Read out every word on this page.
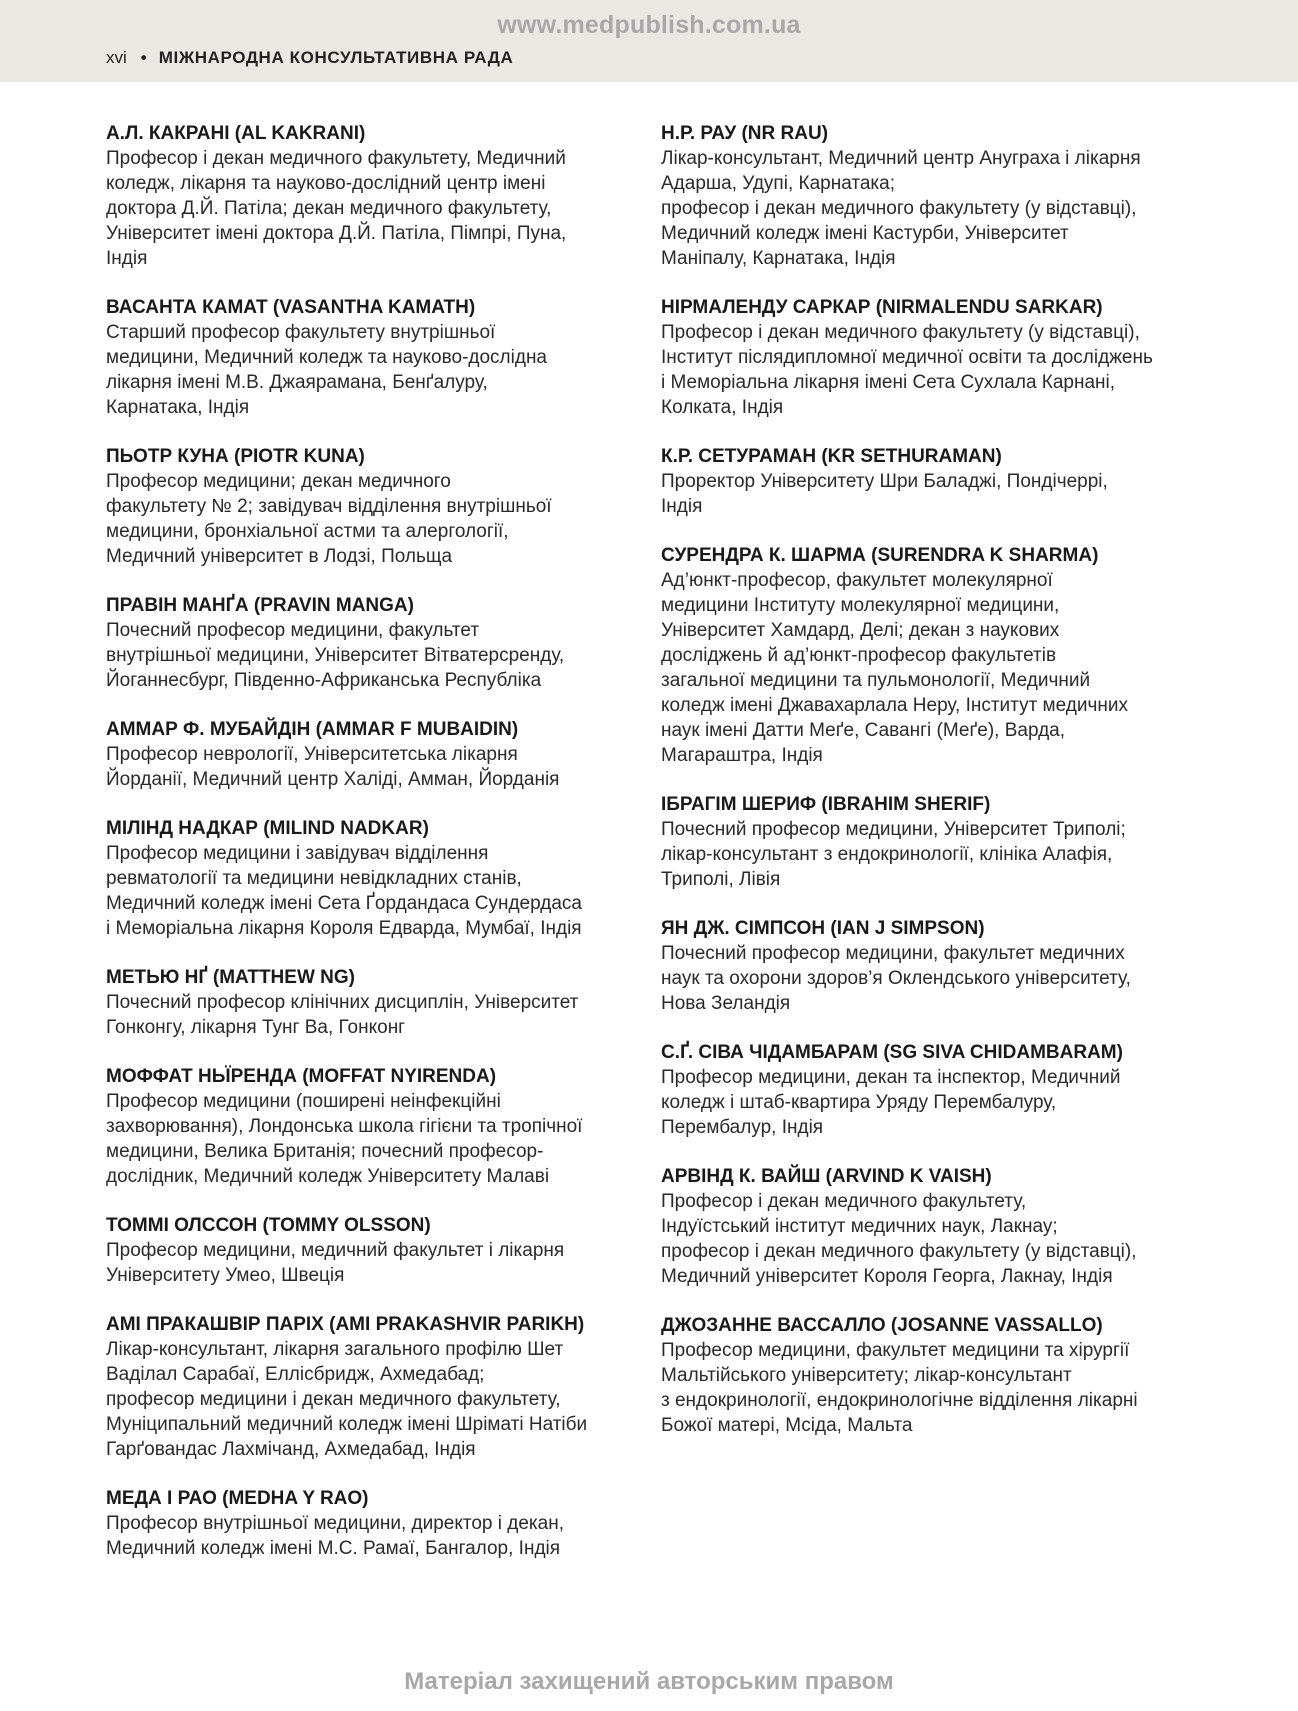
www.medpublish.com.ua
xvi • МІЖНАРОДНА КОНСУЛЬТАТИВНА РАДА
А.Л. КАКРАНІ (AL KAKRANI)
Професор і декан медичного факультету, Медичний
коледж, лікарня та науково-дослідний центр імені
доктора Д.Й. Патіла; декан медичного факультету,
Університет імені доктора Д.Й. Патіла, Пімпрі, Пуна,
Індія
ВАСАНТА КАМАТ (VASANTHA KAMATH)
Старший професор факультету внутрішньої
медицини, Медичний коледж та науково-дослідна
лікарня імені М.В. Джаярамана, Бенґалуру,
Карнатака, Індія
ПЬОТР КУНА (PIOTR KUNA)
Професор медицини; декан медичного
факультету № 2; завідувач відділення внутрішньої
медицини, бронхіальної астми та алергології,
Медичний університет в Лодзі, Польща
ПРАВІН МАНҐА (PRAVIN MANGA)
Почесний професор медицини, факультет
внутрішньої медицини, Університет Вітватерсренду,
Йоганнесбург, Південно-Африканська Республіка
АММАР Ф. МУБАЙДІН (AMMAR F MUBAIDIN)
Професор неврології, Університетська лікарня
Йорданії, Медичний центр Халіді, Амман, Йорданія
МІЛІНД НАДКАР (MILIND NADKAR)
Професор медицини і завідувач відділення
ревматології та медицини невідкладних станів,
Медичний коледж імені Сета Ґордандаса Сундердаса
і Меморіальна лікарня Короля Едварда, Мумбаї, Індія
МЕТЬЮ НҐ (MATTHEW NG)
Почесний професор клінічних дисциплін, Університет
Гонконгу, лікарня Тунг Ва, Гонконг
МОФФАТ НЬЇРЕНДА (MOFFAT NYIRENDA)
Професор медицини (поширені неінфекційні
захворювання), Лондонська школа гігієни та тропічної
медицини, Велика Британія; почесний професор-
дослідник, Медичний коледж Університету Малаві
ТОММІ ОЛССОН (TOMMY OLSSON)
Професор медицини, медичний факультет і лікарня
Університету Умео, Швеція
АМІ ПРАКАШВІР ПАРІХ (AMI PRAKASHVIR PARIKH)
Лікар-консультант, лікарня загального профілю Шет
Ваділал Сарабаї, Еллісбридж, Ахмедабад;
професор медицини і декан медичного факультету,
Муніципальний медичний коледж імені Шріматі Натіби
Гарґовандас Лахмічанд, Ахмедабад, Індія
МЕДА І РАО (MEDHA Y RAO)
Професор внутрішньої медицини, директор і декан,
Медичний коледж імені М.С. Рамаї, Бангалор, Індія
Н.Р. РАУ (NR RAU)
Лікар-консультант, Медичний центр Ануграха і лікарня
Адарша, Удупі, Карнатака;
професор і декан медичного факультету (у відставці),
Медичний коледж імені Кастурби, Університет
Маніпалу, Карнатака, Індія
НІРМАЛЕНДУ САРКАР (NIRMALENDU SARKAR)
Професор і декан медичного факультету (у відставці),
Інститут післядипломної медичної освіти та досліджень
і Меморіальна лікарня імені Сета Сухлала Карнані,
Колката, Індія
К.Р. СЕТУРАМАН (KR SETHURAMAN)
Проректор Університету Шри Баладжі, Пондічеррі,
Індія
СУРЕНДРА К. ШАРМА (SURENDRA K SHARMA)
Ад’юнкт-професор, факультет молекулярної
медицини Інституту молекулярної медицини,
Університет Хамдард, Делі; декан з наукових
досліджень й ад’юнкт-професор факультетів
загальної медицини та пульмонології, Медичний
коледж імені Джавахарлала Неру, Інститут медичних
наук імені Датти Меґе, Савангі (Меґе), Варда,
Магараштра, Індія
ІБРАГІМ ШЕРИФ (IBRAHIM SHERIF)
Почесний професор медицини, Університет Триполі;
лікар-консультант з ендокринології, клініка Алафія,
Триполі, Лівія
ЯН ДЖ. СІМПСОН (IAN J SIMPSON)
Почесний професор медицини, факультет медичних
наук та охорони здоров’я Оклендського університету,
Нова Зеландія
С.Ґ. СІВА ЧІДАМБАРАМ (SG SIVA CHIDAMBARAM)
Професор медицини, декан та інспектор, Медичний
коледж і штаб-квартира Уряду Перембалуру,
Перембалур, Індія
АРВІНД К. ВАЙШ (ARVIND K VAISH)
Професор і декан медичного факультету,
Індуїстський інститут медичних наук, Лакнау;
професор і декан медичного факультету (у відставці),
Медичний університет Короля Георга, Лакнау, Індія
ДЖОЗАННЕ ВАССАЛЛО (JOSANNE VASSALLO)
Професор медицини, факультет медицини та хірургії
Мальтійського університету; лікар-консультант
з ендокринології, ендокринологічне відділення лікарні
Божої матері, Мсіда, Мальта
Матеріал захищений авторським правом
